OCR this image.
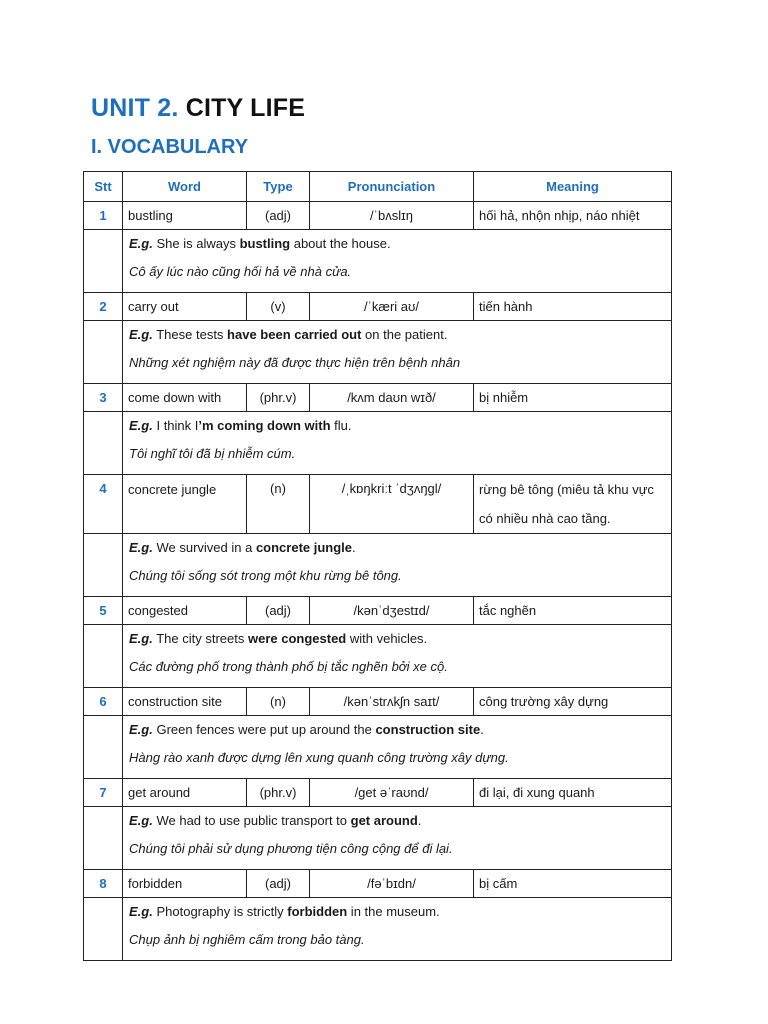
UNIT 2. CITY LIFE
I. VOCABULARY
Stt	Word	Type	Pronunciation	Meaning
1	bustling	(adj)	/ˈbʌslɪŋ	hối hả, nhộn nhịp, náo nhiệt

	E.g. She is always bustling about the house.
Cô ấy lúc nào cũng hối hả về nhà cửa.			

2	carry out	(v)	/ˈkæri aʊ/	tiến hành

	E.g. These tests have been carried out on the patient.
Những xét nghiệm này đã được thực hiện trên bệnh nhân			

3	come down with	(phr.v)	/kʌm daʊn wɪð/	bị nhiễm

	E.g. I think I’m coming down with flu.
Tôi nghĩ tôi đã bị nhiễm cúm.			

4	concrete jungle	(n)	/ˌkɒŋkriːt ˈdʒʌŋɡl/	rừng bê tông (miêu tả khu vực có nhiều nhà cao tầng.

	E.g. We survived in a concrete jungle.
Chúng tôi sống sót trong một khu rừng bê tông.			

5	congested	(adj)	/kənˈdʒestɪd/	tắc nghẽn

	E.g. The city streets were congested with vehicles.
Các đường phố trong thành phố bị tắc nghẽn bởi xe cộ.			

6	construction site	(n)	/kənˈstrʌkʃn saɪt/	công trường xây dựng

	E.g. Green fences were put up around the construction site.
Hàng rào xanh được dựng lên xung quanh công trường xây dựng.			

7	get around	(phr.v)	/get əˈraʊnd/	đi lại, đi xung quanh

	E.g. We had to use public transport to get around.
Chúng tôi phải sử dụng phương tiện công cộng để đi lại.			

8	forbidden	(adj)	/fəˈbɪdn/	bị cấm

	E.g. Photography is strictly forbidden in the museum.
Chụp ảnh bị nghiêm cấm trong bảo tàng.			
